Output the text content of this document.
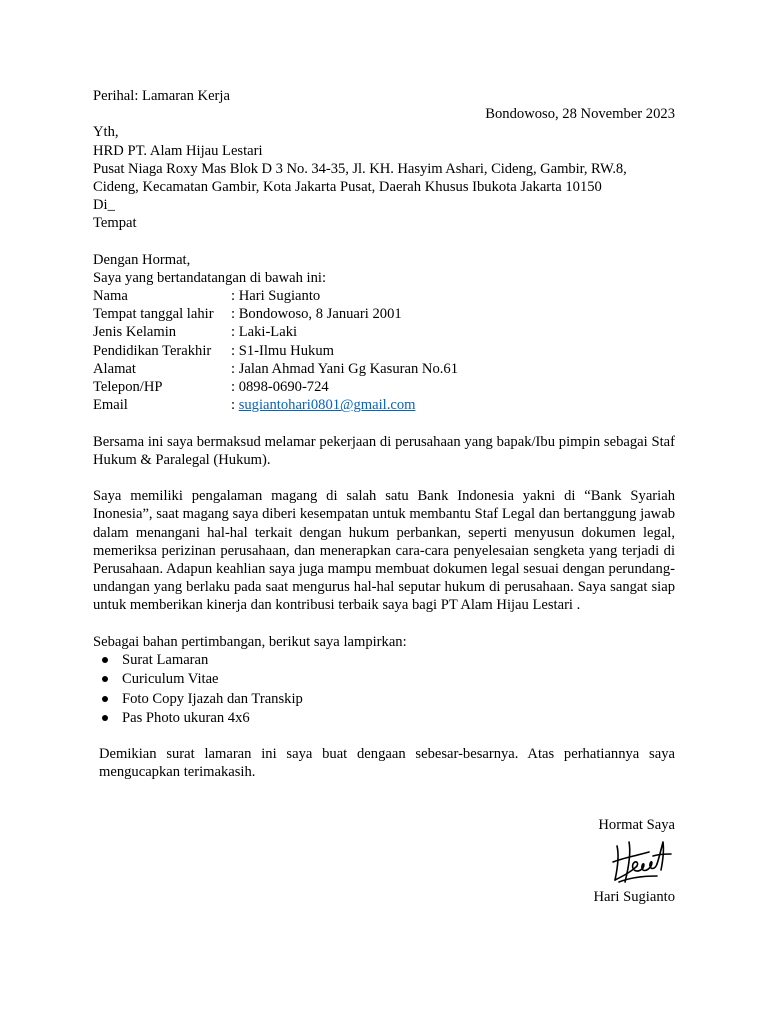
Perihal: Lamaran Kerja
Bondowoso, 28 November 2023
Yth,
HRD PT. Alam Hijau Lestari
Pusat Niaga Roxy Mas Blok D 3 No. 34-35, Jl. KH. Hasyim Ashari, Cideng, Gambir, RW.8,
Cideng, Kecamatan Gambir, Kota Jakarta Pusat, Daerah Khusus Ibukota Jakarta 10150
Di_
Tempat
Dengan Hormat,
Saya yang bertandatangan di bawah ini:
Nama	: Hari Sugianto
Tempat tanggal lahir	: Bondowoso, 8 Januari 2001
Jenis Kelamin	: Laki-Laki
Pendidikan Terakhir	: S1-Ilmu Hukum
Alamat	: Jalan Ahmad Yani Gg Kasuran No.61
Telepon/HP	: 0898-0690-724
Email	: sugiantohari0801@gmail.com
Bersama ini saya bermaksud melamar pekerjaan di perusahaan yang bapak/Ibu pimpin sebagai Staf Hukum & Paralegal (Hukum).
Saya memiliki pengalaman magang di salah satu Bank Indonesia yakni di “Bank Syariah Inonesia”, saat magang saya diberi kesempatan untuk membantu Staf Legal dan bertanggung jawab dalam menangani hal-hal terkait dengan hukum perbankan, seperti menyusun dokumen legal, memeriksa perizinan perusahaan, dan menerapkan cara-cara penyelesaian sengketa yang terjadi di Perusahaan. Adapun keahlian saya juga mampu membuat dokumen legal sesuai dengan perundang-undangan yang berlaku pada saat mengurus hal-hal seputar hukum di perusahaan. Saya sangat siap untuk memberikan kinerja dan kontribusi terbaik saya bagi PT Alam Hijau Lestari .
Sebagai bahan pertimbangan, berikut saya lampirkan:
Surat Lamaran
Curiculum Vitae
Foto Copy Ijazah dan Transkip
Pas Photo ukuran 4x6
Demikian surat lamaran ini saya buat dengaan sebesar-besarnya. Atas perhatiannya saya mengucapkan terimakasih.
Hormat Saya
Hari Sugianto
